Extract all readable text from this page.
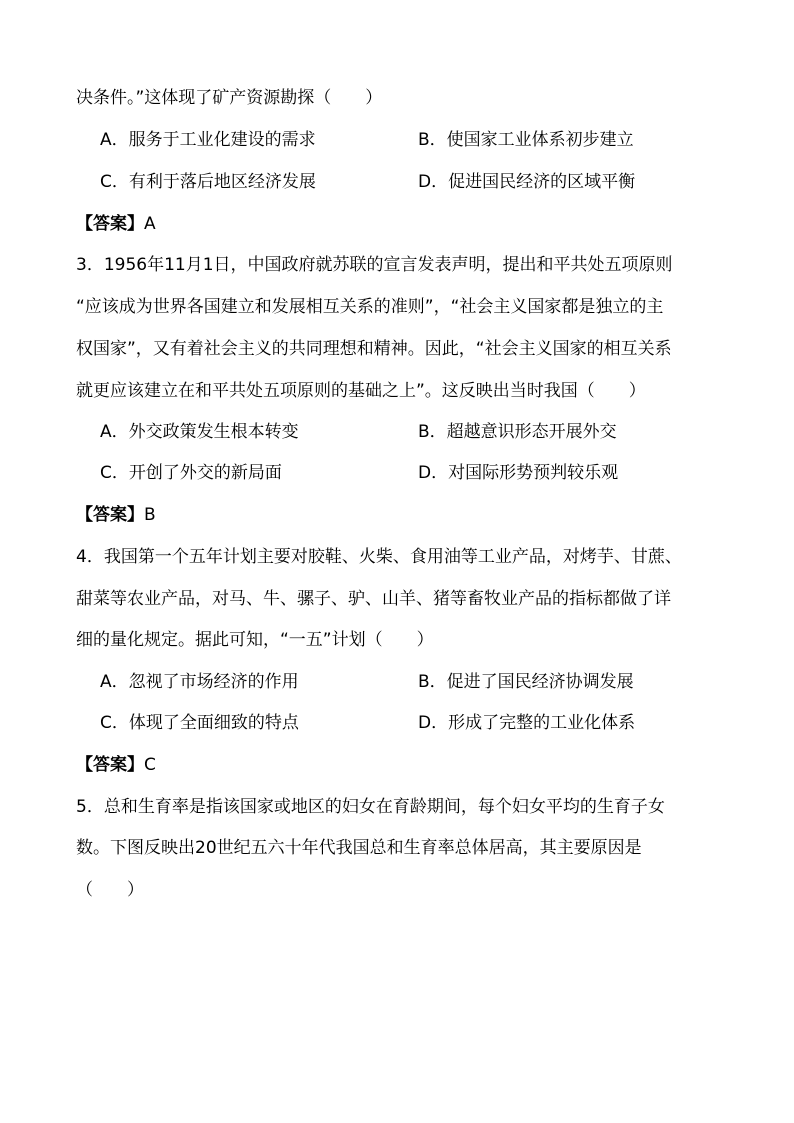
决条件。”这体现了矿产资源勘探（　　）
A．服务于工业化建设的需求	B．使国家工业体系初步建立
C．有利于落后地区经济发展	D．促进国民经济的区域平衡
【答案】A
3．1956年11月1日，中国政府就苏联的宣言发表声明，提出和平共处五项原则
“应该成为世界各国建立和发展相互关系的准则”，“社会主义国家都是独立的主
权国家”，又有着社会主义的共同理想和精神。因此，“社会主义国家的相互关系
就更应该建立在和平共处五项原则的基础之上”。这反映出当时我国（　　）
A．外交政策发生根本转变	B．超越意识形态开展外交
C．开创了外交的新局面	D．对国际形势预判较乐观
【答案】B
4．我国第一个五年计划主要对胶鞋、火柴、食用油等工业产品，对烤芋、甘蔗、
甜菜等农业产品，对马、牛、骡子、驴、山羊、猪等畜牧业产品的指标都做了详
细的量化规定。据此可知，“一五”计划（　　）
A．忽视了市场经济的作用	B．促进了国民经济协调发展
C．体现了全面细致的特点	D．形成了完整的工业化体系
【答案】C
5．总和生育率是指该国家或地区的妇女在育龄期间，每个妇女平均的生育子女
数。下图反映出20世纪五六十年代我国总和生育率总体居高，其主要原因是
（　　）
